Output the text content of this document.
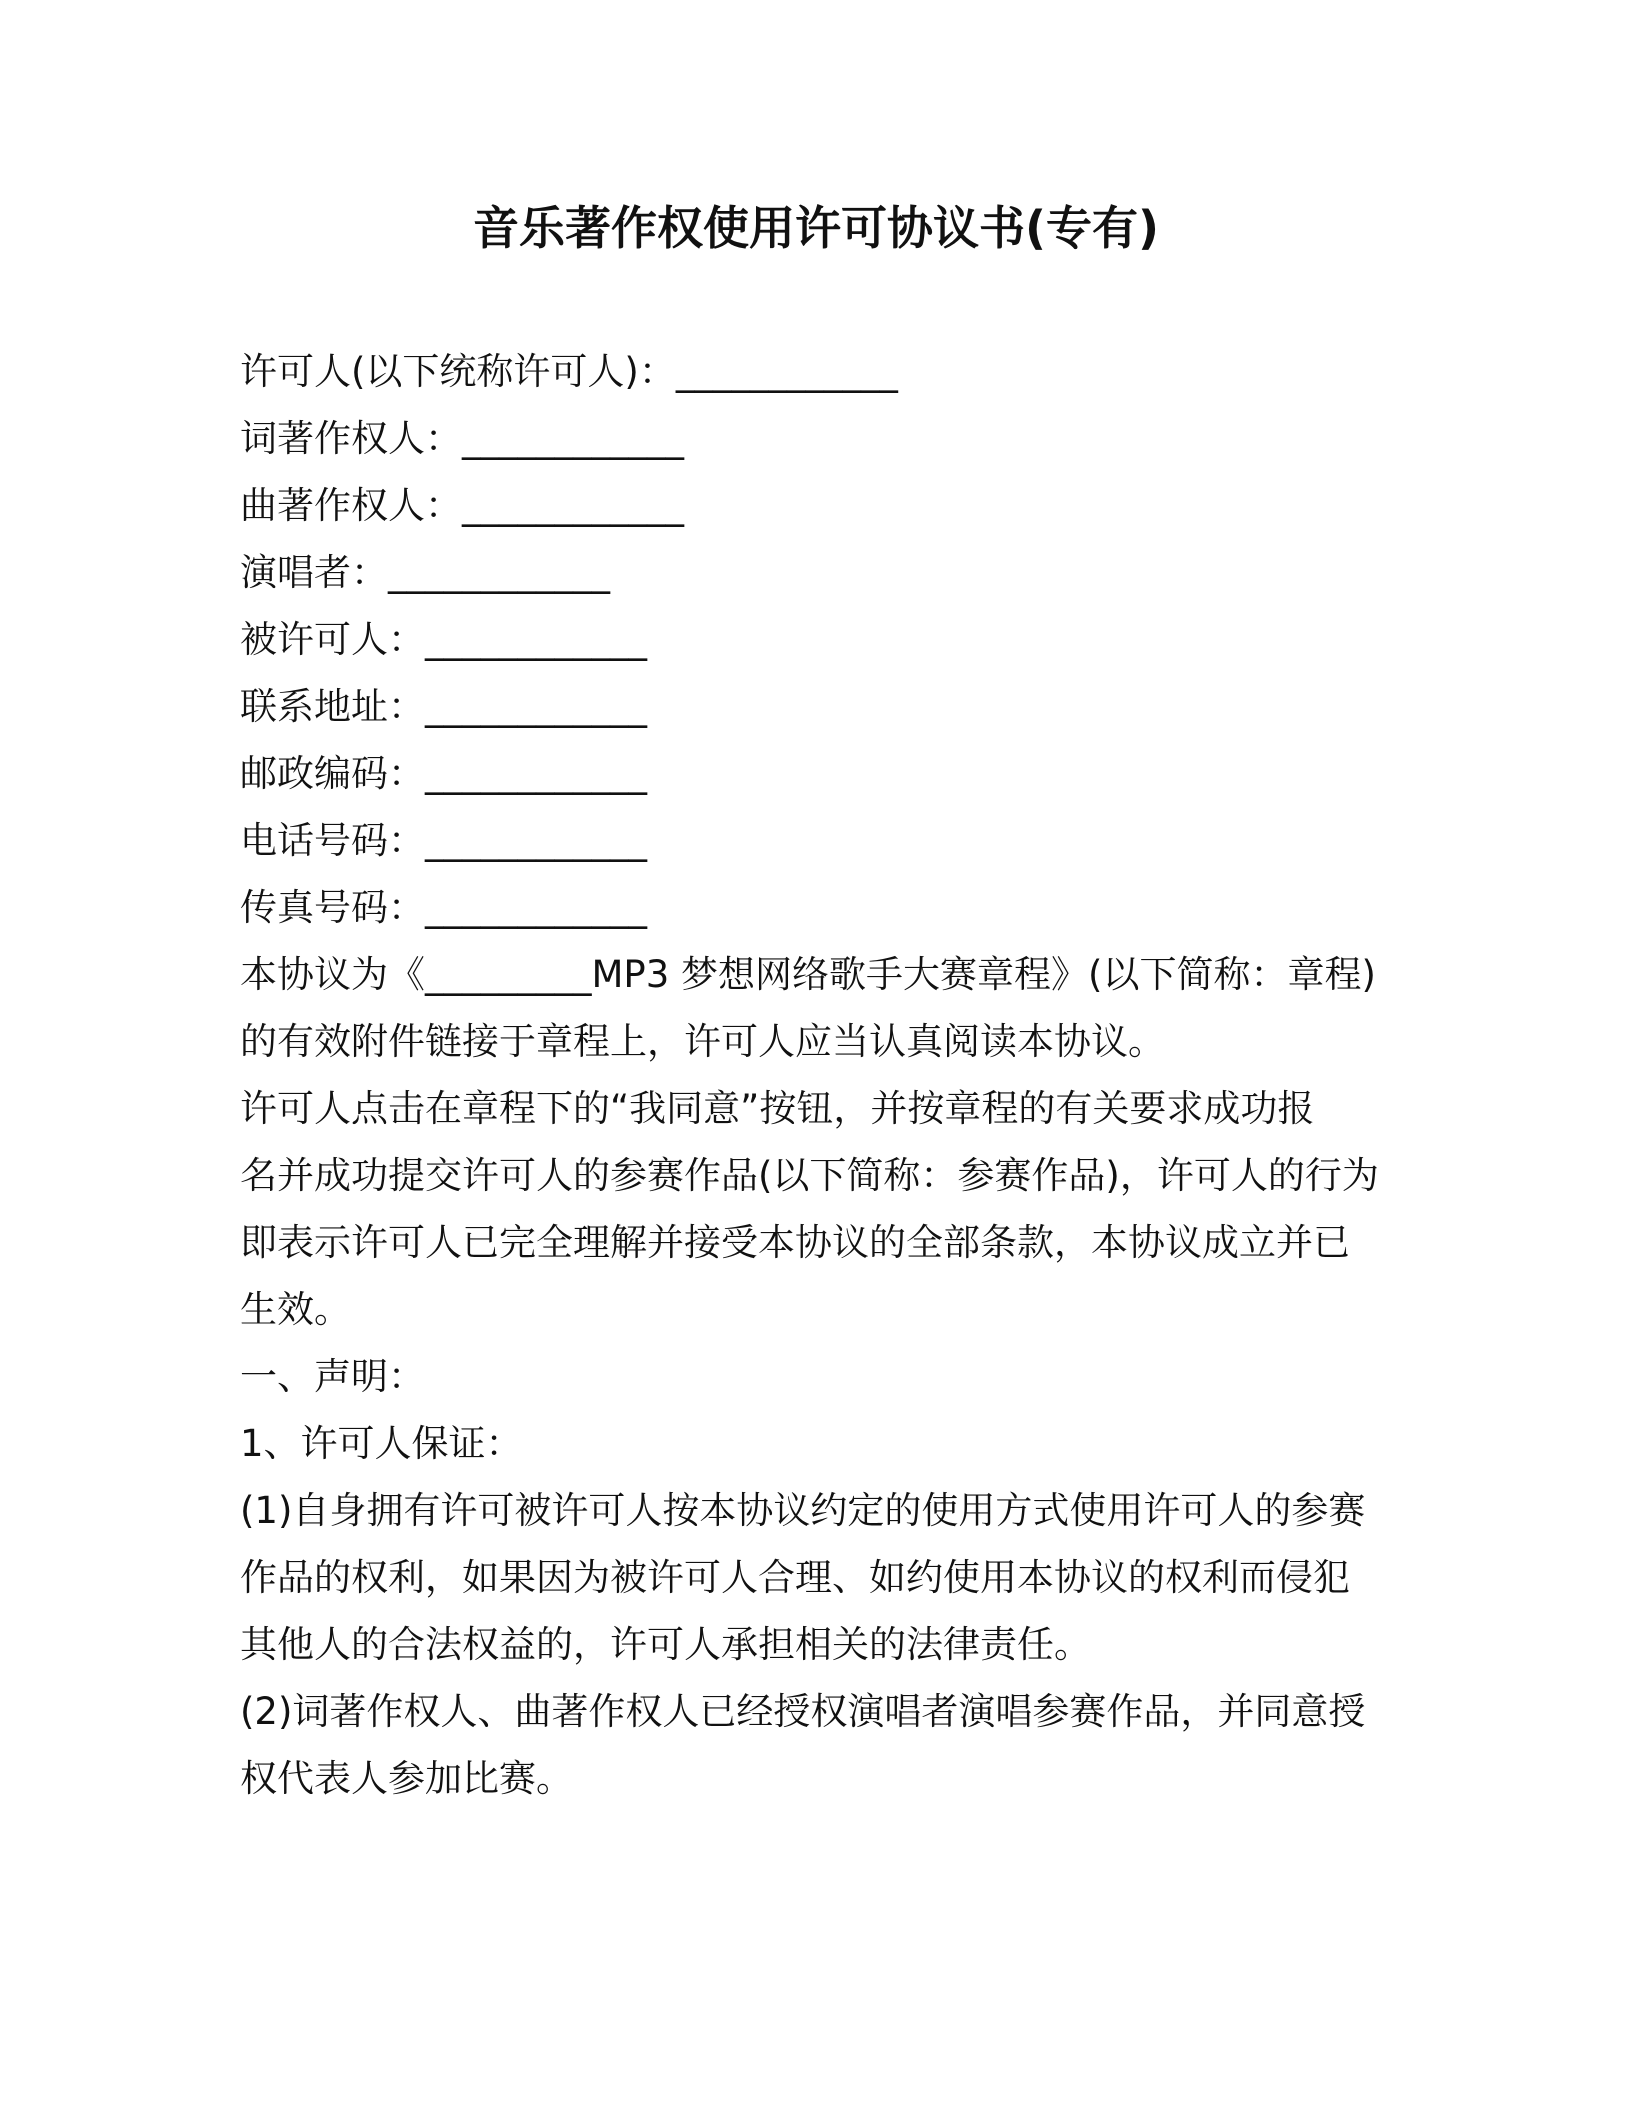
音乐著作权使用许可协议书(专有)
许可人(以下统称许可人)：____________
词著作权人：____________
曲著作权人：____________
演唱者：____________
被许可人：____________
联系地址：____________
邮政编码：____________
电话号码：____________
传真号码：____________
本协议为《_________MP3 梦想网络歌手大赛章程》(以下简称：章程)
的有效附件链接于章程上，许可人应当认真阅读本协议。
许可人点击在章程下的“我同意”按钮，并按章程的有关要求成功报
名并成功提交许可人的参赛作品(以下简称：参赛作品)，许可人的行为
即表示许可人已完全理解并接受本协议的全部条款，本协议成立并已
生效。
一、声明：
1、许可人保证：
(1)自身拥有许可被许可人按本协议约定的使用方式使用许可人的参赛
作品的权利，如果因为被许可人合理、如约使用本协议的权利而侵犯
其他人的合法权益的，许可人承担相关的法律责任。
(2)词著作权人、曲著作权人已经授权演唱者演唱参赛作品，并同意授
权代表人参加比赛。
